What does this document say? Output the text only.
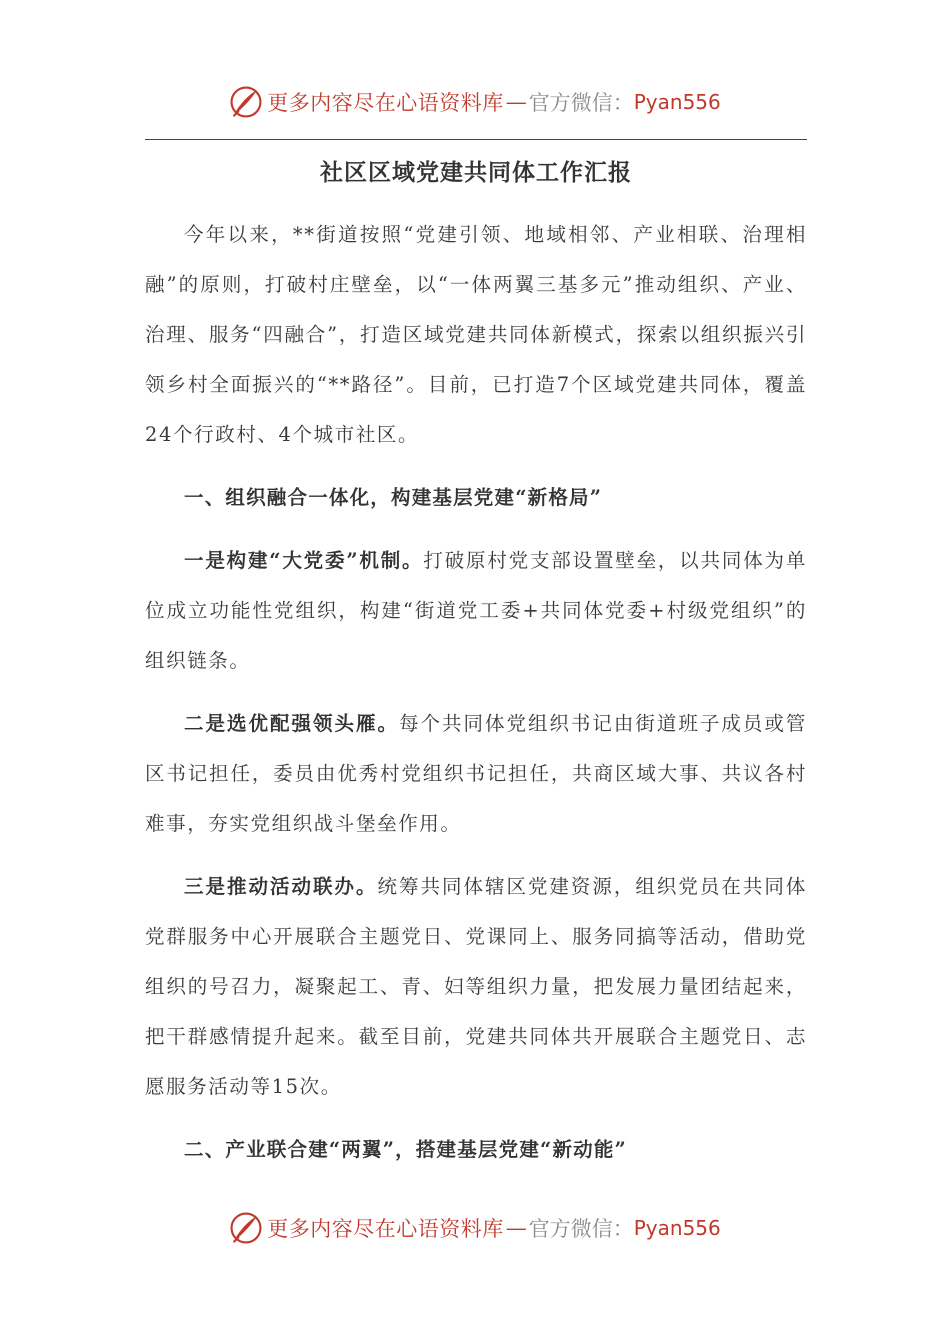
更多内容尽在心语资料库 — 官方微信： Pyan556
社区区域党建共同体工作汇报

今年以来，**街道按照“党建引领、地域相邻、产业相联、治理相融”的原则，打破村庄壁垒，以“一体两翼三基多元”推动组织、产业、治理、服务“四融合”，打造区域党建共同体新模式，探索以组织振兴引领乡村全面振兴的“**路径”。目前，已打造7个区域党建共同体，覆盖24个行政村、4个城市社区。

一、组织融合一体化，构建基层党建“新格局”

一是构建“大党委”机制。打破原村党支部设置壁垒，以共同体为单位成立功能性党组织，构建“街道党工委+共同体党委+村级党组织”的组织链条。

二是选优配强领头雁。每个共同体党组织书记由街道班子成员或管区书记担任，委员由优秀村党组织书记担任，共商区域大事、共议各村难事，夯实党组织战斗堡垒作用。

三是推动活动联办。统筹共同体辖区党建资源，组织党员在共同体党群服务中心开展联合主题党日、党课同上、服务同搞等活动，借助党组织的号召力，凝聚起工、青、妇等组织力量，把发展力量团结起来，把干群感情提升起来。截至目前，党建共同体共开展联合主题党日、志愿服务活动等15次。

二、产业联合建“两翼”，搭建基层党建“新动能”

更多内容尽在心语资料库 — 官方微信： Pyan556
